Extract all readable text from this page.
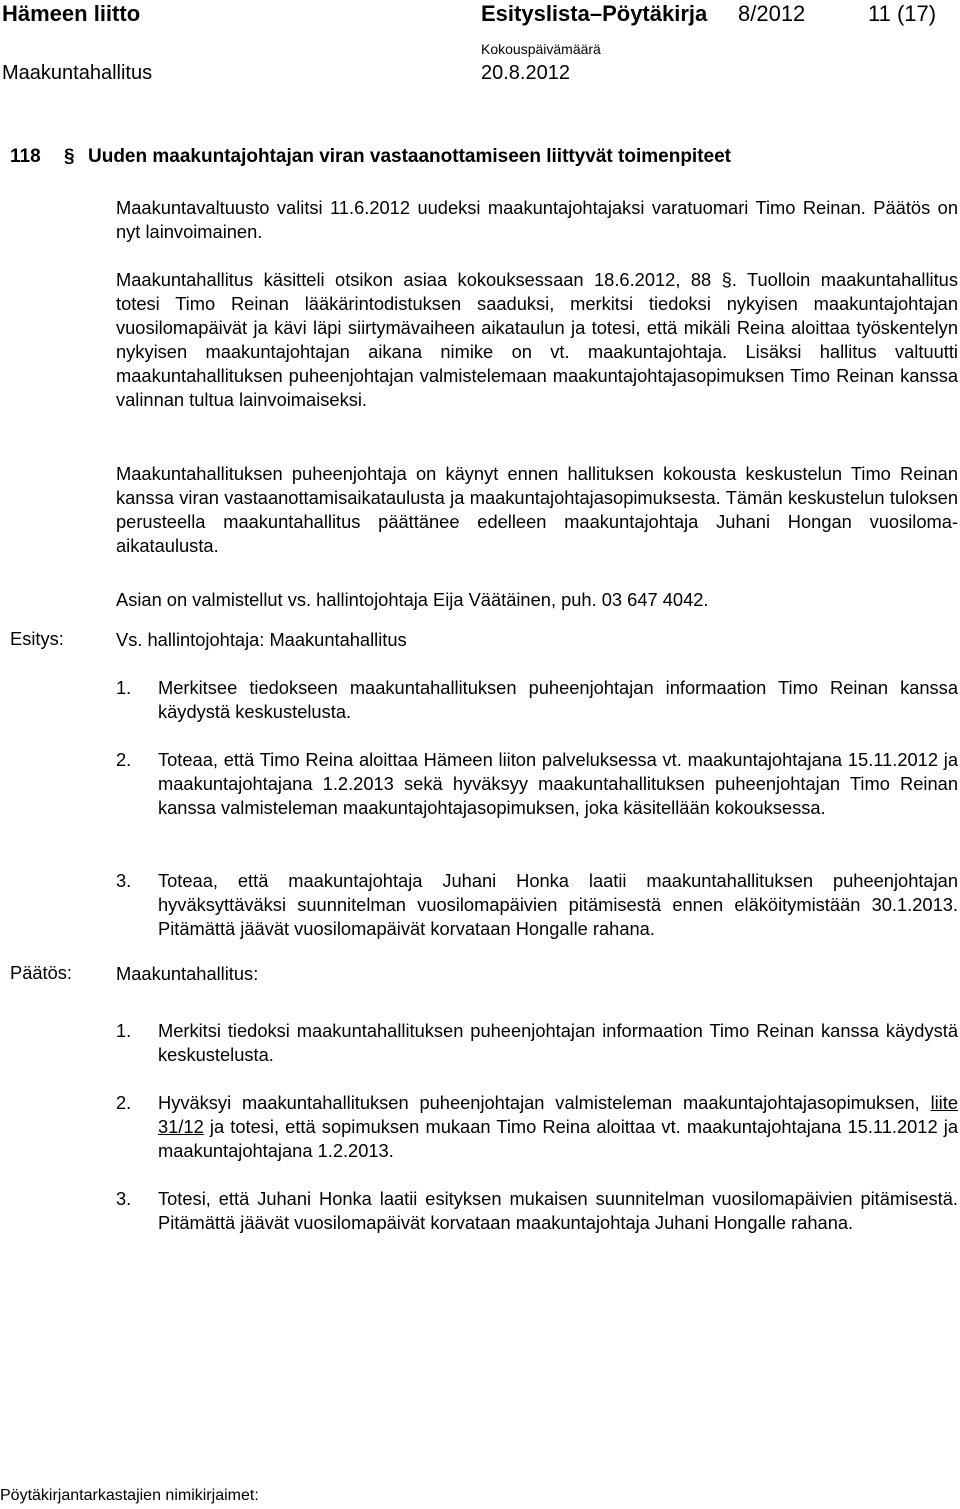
Hämeen liitto	Esityslista–Pöytäkirja 8/2012	11 (17)
Kokouspäivämäärä
Maakuntahallitus	20.8.2012
118 § Uuden maakuntajohtajan viran vastaanottamiseen liittyvät toimenpiteet
Maakuntavaltuusto valitsi 11.6.2012 uudeksi maakuntajohtajaksi varatuomari Timo Reinan. Päätös on nyt lainvoimainen.
Maakuntahallitus käsitteli otsikon asiaa kokouksessaan 18.6.2012, 88 §. Tuolloin maakuntahallitus totesi Timo Reinan lääkärintodistuksen saaduksi, merkitsi tiedoksi nykyisen maakuntajohtajan vuosilomapäivät ja kävi läpi siirtymävaiheen aikataulun ja totesi, että mikäli Reina aloittaa työskentelyn nykyisen maakuntajohtajan aikana nimike on vt. maakuntajohtaja. Lisäksi hallitus valtuutti maakuntahallituksen puheenjohtajan valmistelemaan maakuntajohtajasopimuksen Timo Reinan kanssa valinnan tultua lainvoimaiseksi.
Maakuntahallituksen puheenjohtaja on käynyt ennen hallituksen kokousta keskustelun Timo Reinan kanssa viran vastaanottamisaikataulusta ja maakuntajohtajasopimuksesta. Tämän keskustelun tuloksen perusteella maakuntahallitus päättänee edelleen maakuntajohtaja Juhani Hongan vuosiloma-aikataulusta.
Asian on valmistellut vs. hallintojohtaja Eija Väätäinen, puh. 03 647 4042.
Esitys:	Vs. hallintojohtaja: Maakuntahallitus
1. Merkitsee tiedokseen maakuntahallituksen puheenjohtajan informaation Timo Reinan kanssa käydystä keskustelusta.
2. Toteaa, että Timo Reina aloittaa Hämeen liiton palveluksessa vt. maakuntajohtajana 15.11.2012 ja maakuntajohtajana 1.2.2013 sekä hyväksyy maakuntahallituksen puheenjohtajan Timo Reinan kanssa valmisteleman maakuntajohtajasopimuksen, joka käsitellään kokouksessa.
3. Toteaa, että maakuntajohtaja Juhani Honka laatii maakuntahallituksen puheenjohtajan hyväksyttäväksi suunnitelman vuosilomapäivien pitämisestä ennen eläköitymistään 30.1.2013. Pitämättä jäävät vuosilomapäivät korvataan Hongalle rahana.
Päätös: Maakuntahallitus:
1. Merkitsi tiedoksi maakuntahallituksen puheenjohtajan informaation Timo Reinan kanssa käydystä keskustelusta.
2. Hyväksyi maakuntahallituksen puheenjohtajan valmisteleman maakuntajohtajasopimuksen, liite 31/12 ja totesi, että sopimuksen mukaan Timo Reina aloittaa vt. maakuntajohtajana 15.11.2012 ja maakuntajohtajana 1.2.2013.
3. Totesi, että Juhani Honka laatii esityksen mukaisen suunnitelman vuosilomapäivien pitämisestä. Pitämättä jäävät vuosilomapäivät korvataan maakuntajohtaja Juhani Hongalle rahana.
Pöytäkirjantarkastajien nimikirjaimet:
